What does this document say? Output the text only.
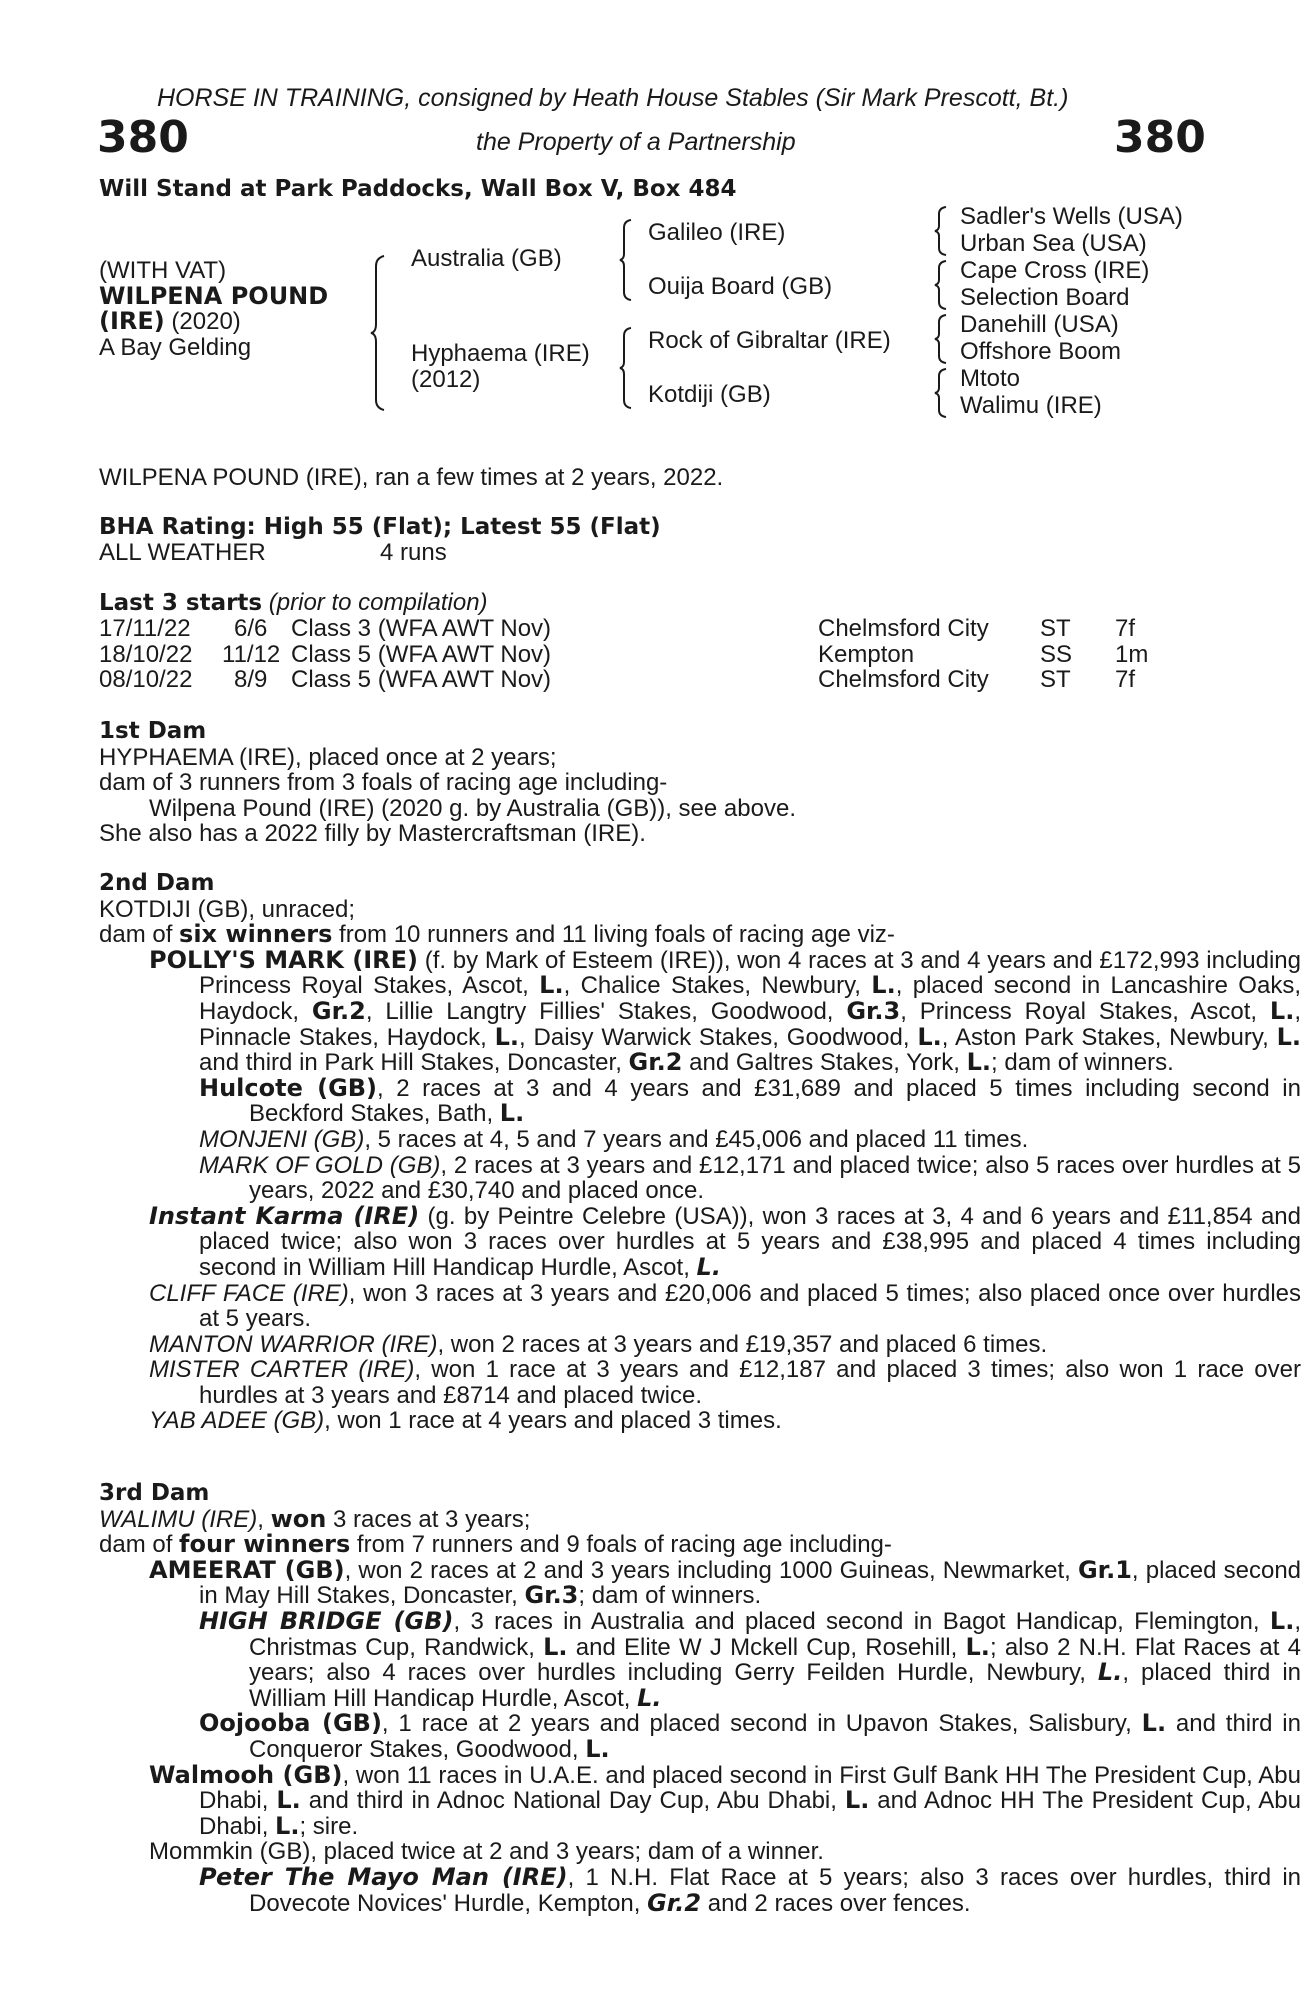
HORSE IN TRAINING, consigned by Heath House Stables (Sir Mark Prescott, Bt.)
380	the Property of a Partnership	380
Will Stand at Park Paddocks, Wall Box V, Box 484
(WITH VAT)
WILPENA POUND
(IRE) (2020)
A Bay Gelding
Australia (GB)
Hyphaema (IRE)
(2012)
Galileo (IRE)
Ouija Board (GB)
Rock of Gibraltar (IRE)
Kotdiji (GB)
Sadler's Wells (USA)
Urban Sea (USA)
Cape Cross (IRE)
Selection Board
Danehill (USA)
Offshore Boom
Mtoto
Walimu (IRE)
WILPENA POUND (IRE), ran a few times at 2 years, 2022.
BHA Rating: High 55 (Flat); Latest 55 (Flat)
ALL WEATHER	4 runs
Last 3 starts (prior to compilation)
17/11/22 6/6 Class 3 (WFA AWT Nov)	Chelmsford City ST 7f
18/10/22 11/12 Class 5 (WFA AWT Nov)	Kempton	SS 1m
08/10/22 8/9 Class 5 (WFA AWT Nov)	Chelmsford City ST 7f

1st Dam

HYPHAEMA (IRE), placed once at 2 years;

dam of 3 runners from 3 foals of racing age including-

Wilpena Pound (IRE) (2020 g. by Australia (GB)), see above.

She also has a 2022 filly by Mastercraftsman (IRE).

2nd Dam

KOTDIJI (GB), unraced;

dam of six winners from 10 runners and 11 living foals of racing age viz-

POLLY'S MARK (IRE) (f. by Mark of Esteem (IRE)), won 4 races at 3 and 4 years and £172,993 including Princess Royal Stakes, Ascot, L., Chalice Stakes, Newbury, L., placed second in Lancashire Oaks, Haydock, Gr.2, Lillie Langtry Fillies' Stakes, Goodwood, Gr.3, Princess Royal Stakes, Ascot, L., Pinnacle Stakes, Haydock, L., Daisy Warwick Stakes, Goodwood, L., Aston Park Stakes, Newbury, L. and third in Park Hill Stakes, Doncaster, Gr.2 and Galtres Stakes, York, L.; dam of winners.

Hulcote (GB), 2 races at 3 and 4 years and £31,689 and placed 5 times including second in Beckford Stakes, Bath, L.

MONJENI (GB), 5 races at 4, 5 and 7 years and £45,006 and placed 11 times.

MARK OF GOLD (GB), 2 races at 3 years and £12,171 and placed twice; also 5 races over hurdles at 5 years, 2022 and £30,740 and placed once.

Instant Karma (IRE) (g. by Peintre Celebre (USA)), won 3 races at 3, 4 and 6 years and £11,854 and placed twice; also won 3 races over hurdles at 5 years and £38,995 and placed 4 times including second in William Hill Handicap Hurdle, Ascot, L.

CLIFF FACE (IRE), won 3 races at 3 years and £20,006 and placed 5 times; also placed once over hurdles at 5 years.

MANTON WARRIOR (IRE), won 2 races at 3 years and £19,357 and placed 6 times.

MISTER CARTER (IRE), won 1 race at 3 years and £12,187 and placed 3 times; also won 1 race over hurdles at 3 years and £8714 and placed twice.

YAB ADEE (GB), won 1 race at 4 years and placed 3 times.

3rd Dam

WALIMU (IRE), won 3 races at 3 years;

dam of four winners from 7 runners and 9 foals of racing age including-

AMEERAT (GB), won 2 races at 2 and 3 years including 1000 Guineas, Newmarket, Gr.1, placed second in May Hill Stakes, Doncaster, Gr.3; dam of winners.

HIGH BRIDGE (GB), 3 races in Australia and placed second in Bagot Handicap, Flemington, L., Christmas Cup, Randwick, L. and Elite W J Mckell Cup, Rosehill, L.; also 2 N.H. Flat Races at 4 years; also 4 races over hurdles including Gerry Feilden Hurdle, Newbury, L., placed third in William Hill Handicap Hurdle, Ascot, L.

Oojooba (GB), 1 race at 2 years and placed second in Upavon Stakes, Salisbury, L. and third in Conqueror Stakes, Goodwood, L.

Walmooh (GB), won 11 races in U.A.E. and placed second in First Gulf Bank HH The President Cup, Abu Dhabi, L. and third in Adnoc National Day Cup, Abu Dhabi, L. and Adnoc HH The President Cup, Abu Dhabi, L.; sire.

Mommkin (GB), placed twice at 2 and 3 years; dam of a winner.

Peter The Mayo Man (IRE), 1 N.H. Flat Race at 5 years; also 3 races over hurdles, third in Dovecote Novices' Hurdle, Kempton, Gr.2 and 2 races over fences.
